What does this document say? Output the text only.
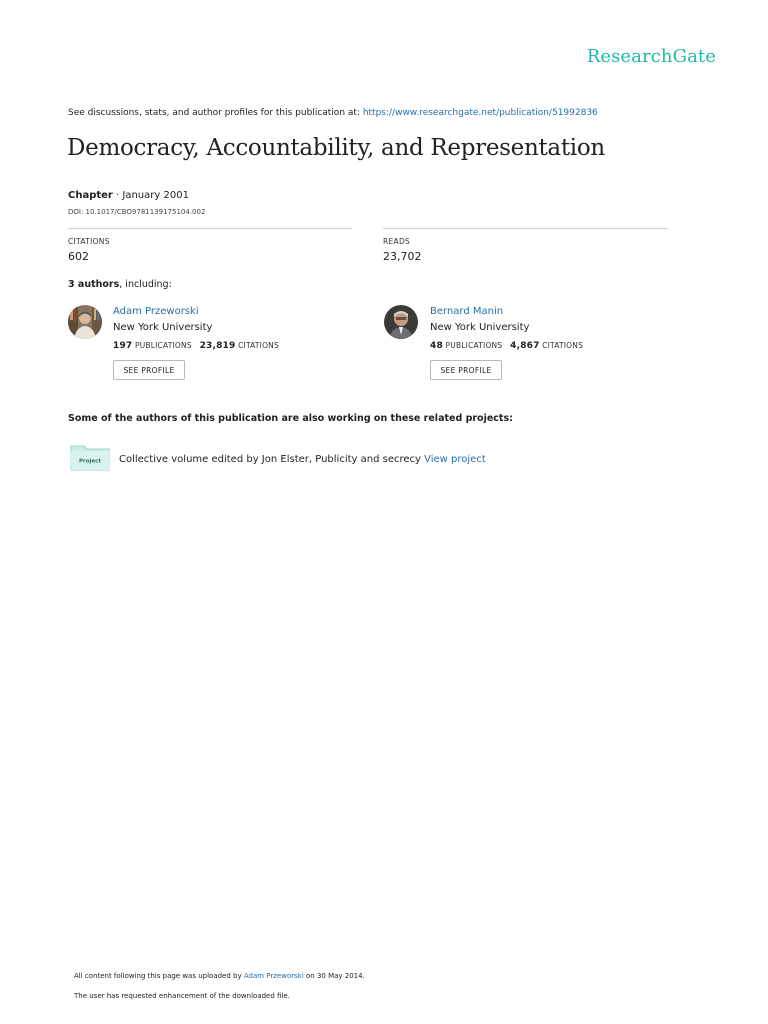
ResearchGate
See discussions, stats, and author profiles for this publication at: https://www.researchgate.net/publication/51992836
Democracy, Accountability, and Representation
Chapter · January 2001
DOI: 10.1017/CBO9781139175104.002
CITATIONS
602
READS
23,702
3 authors, including:
Adam Przeworski
New York University
197 PUBLICATIONS 23,819 CITATIONS
SEE PROFILE
Bernard Manin
New York University
48 PUBLICATIONS 4,867 CITATIONS
SEE PROFILE
Some of the authors of this publication are also working on these related projects:
Project Collective volume edited by Jon Elster, Publicity and secrecy View project
All content following this page was uploaded by Adam Przeworski on 30 May 2014.
The user has requested enhancement of the downloaded file.
